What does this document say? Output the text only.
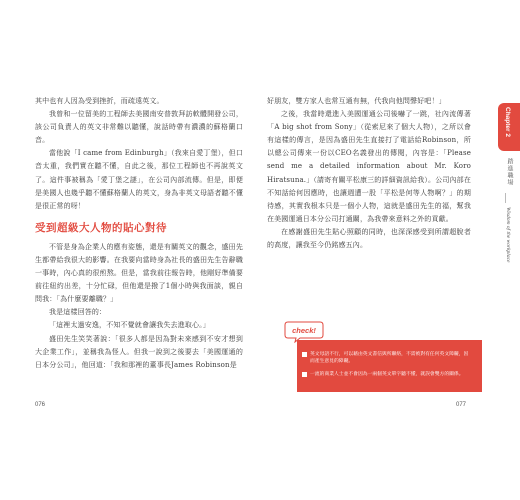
其中也有人因為受到挫折，而疏遠英文。

我曾和一位留美的工程師去美國南安普敦拜訪軟體開發公司，該公司負責人的英文非常難以聽懂，說話時帶有濃濃的蘇格蘭口音。

當他說「I came from Edinburgh」（我來自愛丁堡），但口音太重，我們實在聽不懂，自此之後，那位工程師也不再說英文了。這件事被稱為「愛丁堡之謎」，在公司內部流傳。但是，即便是美國人也幾乎聽不懂蘇格蘭人的英文，身為非英文母語者聽不懂是很正常的呀！

受到超級大人物的貼心對待

不管是身為企業人的應有姿態，還是有關英文的觀念，盛田先生都帶給我很大的影響。在我要向當時身為社長的盛田先生告辭職一事時，內心真的很煎熬。但是，當我前往報告時，他剛好準備要前往紐約出差，十分忙碌，但他還是撥了1個小時與我面談，親自問我：「為什麼要離職？」

我是這樣回答的：

「這裡太過安逸，不知不覺就會讓我失去進取心。」

盛田先生笑笑著說：「很多人都是因為對未來感到不安才想到大企業工作」，並稱我為怪人。但我一說到之後要去「美國運通的日本分公司」，他回道：「我和那裡的董事長James Robinson是

076

好朋友，雙方家人也常互通有無，代我向他問聲好吧！」

之後，我當時還進入美國運通公司後嚇了一跳，社內流傳著「A big shot from Sony」（從索尼來了個大人物），之所以會有這樣的傳言，是因為盛田先生直接打了電話給Robinson，所以總公司傳來一份以CEO名義發出的傳閱，內容是：「Please send me a detailed information about Mr. Koro Hiratsuna.」（請寄有關平松康三的詳細資訊給我）。公司內部在不知話給何因應時，也讓週遭一股「平松是何等人物啊？」的期待感，其實我根本只是一個小人物，這就是盛田先生的福，幫我在美國運通日本分公司打通關，為我帶來意料之外的貢獻。

在感謝盛田先生貼心照顧的同時，也深深感受到所謂超脫者的高度，讓我至今仍銘感五內。

077
Chapter 2
踏進職場
Wisdom of the workplace
英文母語不行，可以藉由英文書信與所聯絡，不需被對有任何英文障礙，因而產生意見的障礙。
一流的商業人士並不會因為一兩個英文單字聽不懂，就誤會雙方的關係。
check!
